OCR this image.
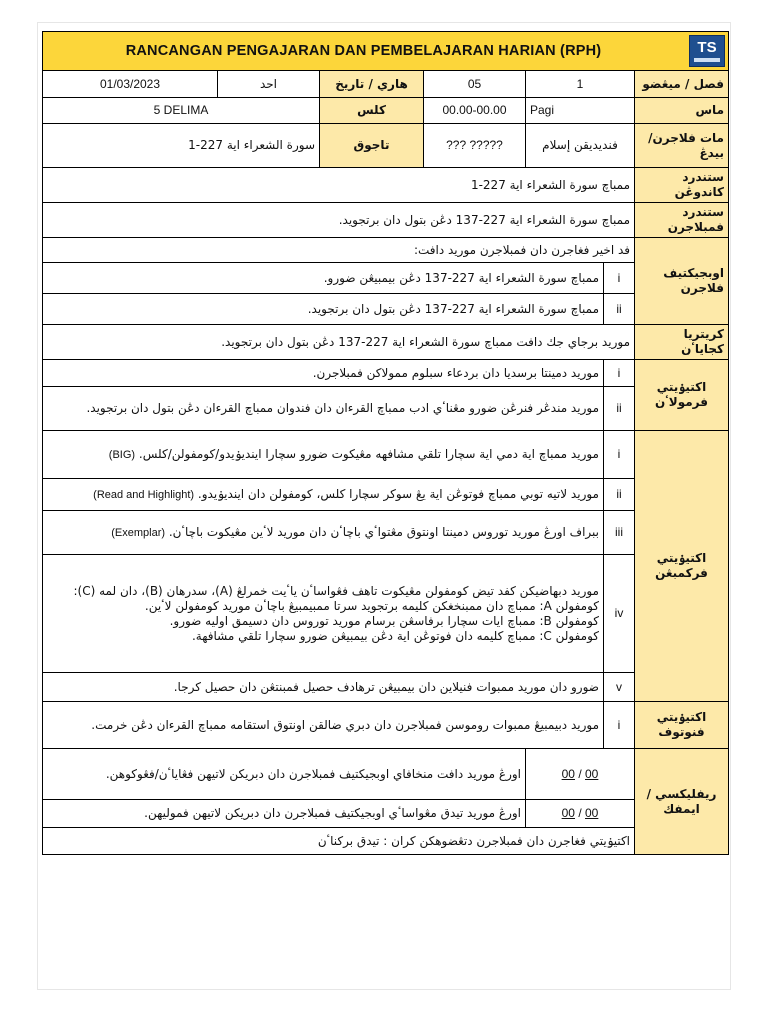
RANCANGAN PENGAJARAN DAN PEMBELAJARAN HARIAN (RPH) TS						

01/03/2023	احد	هاري / تاريخ	05	1		فصل / ميڠضو
5 DELIMA		كلس	00.00-00.00	Pagi		ماس
سورة الشعراء اية 227-1		تاجوق	??? ?????	فنديديقن إسلام		مات فلاجرن/ بيدڠ
ممباچ سورة الشعراء اية 227-1						ستندرد كاندوڠن
ممباچ سورة الشعراء اية 227-137 دڠن بتول دان برتجويد.						ستندرد فمبلاجرن
فد اخير فغاجرن دان فمبلاجرن موريد دافت:						اوبجيكتيف فلاجرن
ممباچ سورة الشعراء اية 227-137 دڠن بيمبيڠن ضورو.					i	
ممباچ سورة الشعراء اية 227-137 دڠن بتول دان برتجويد.					ii	
موريد برجاي جك دافت ممباچ سورة الشعراء اية 227-137 دڠن بتول دان برتجويد.						كريتريا كجاياٴن
موريد دمينتا برسديا دان بردعاء سبلوم ممولاكن فمبلاجرن.					i	اكتيۏيتي فرمولاٴن
موريد مندڠر فنرڠن ضورو مڠناٴي ادب ممباچ القرءان دان فندوان ممباچ القرءان دڠن بتول دان برتجويد.					ii	
موريد ممباچ اية دمي اية سچارا تلقي مشافهه مڠيكوت ضورو سچارا اينديۏيدو/كومفولن/كلس. (BIG)					i	اكتيۏيتي فركمبڠن
موريد لاتيه توبي ممباچ فوتوڠن اية يڠ سوكر سچارا كلس، كومفولن دان اينديۏيدو. (Read and Highlight)					ii	
ببراف اورڠ موريد توروس دمينتا اونتوق مڠتواٴي باچاٴن دان موريد لاٴين مڠيكوت باچاٴن. (Exemplar)					iii	

موريد دبهاضيكن كفد تيض كومفولن مڠيكوت تاهف فڠواساٴن ياٴيت خمرلڠ (A)، سدرهان (B)، دان لمه (C):
كومفولن A: ممباچ دان ممبنخغكن كليمه برتجويد سرتا ممبيمبيڠ باچاٴن موريد كومفولن لاٴين.
كومفولن B: ممباچ ايات سچارا برفاسڠن برسام موريد توروس دان دسيمق اوليه ضورو.
كومفولن C: ممباچ كليمه دان فوتوڠن اية دڠن بيمبيڠن ضورو سچارا تلقي مشافهة.					iv	
ضورو دان موريد ممبوات فنيلاين دان بيمبيڠن ترهادف حصيل فمبنتڠن دان حصيل كرجا.					v	
موريد دبيمبيڠ ممبوات روموسن فمبلاجرن دان دبري ضالقن اونتوق استقامه ممباچ القرءان دڠن خرمت.					i	اكتيۏيتي فنوتوف
اورڠ موريد دافت منخافاي اوبجيكتيف فمبلاجرن دان دبريكن لاتيهن فڠاياٴن/فڠوكوهن.				00 / 00		ريفليكسي / ايمفك
اورڠ موريد تيدق مڠواساٴي اوبجيكتيف فمبلاجرن دان دبريكن لاتيهن فموليهن.				00 / 00		
اكتيۏيتي فغاجرن دان فمبلاجرن دتڠضوهكن كران : تيدق بركناٴن						
